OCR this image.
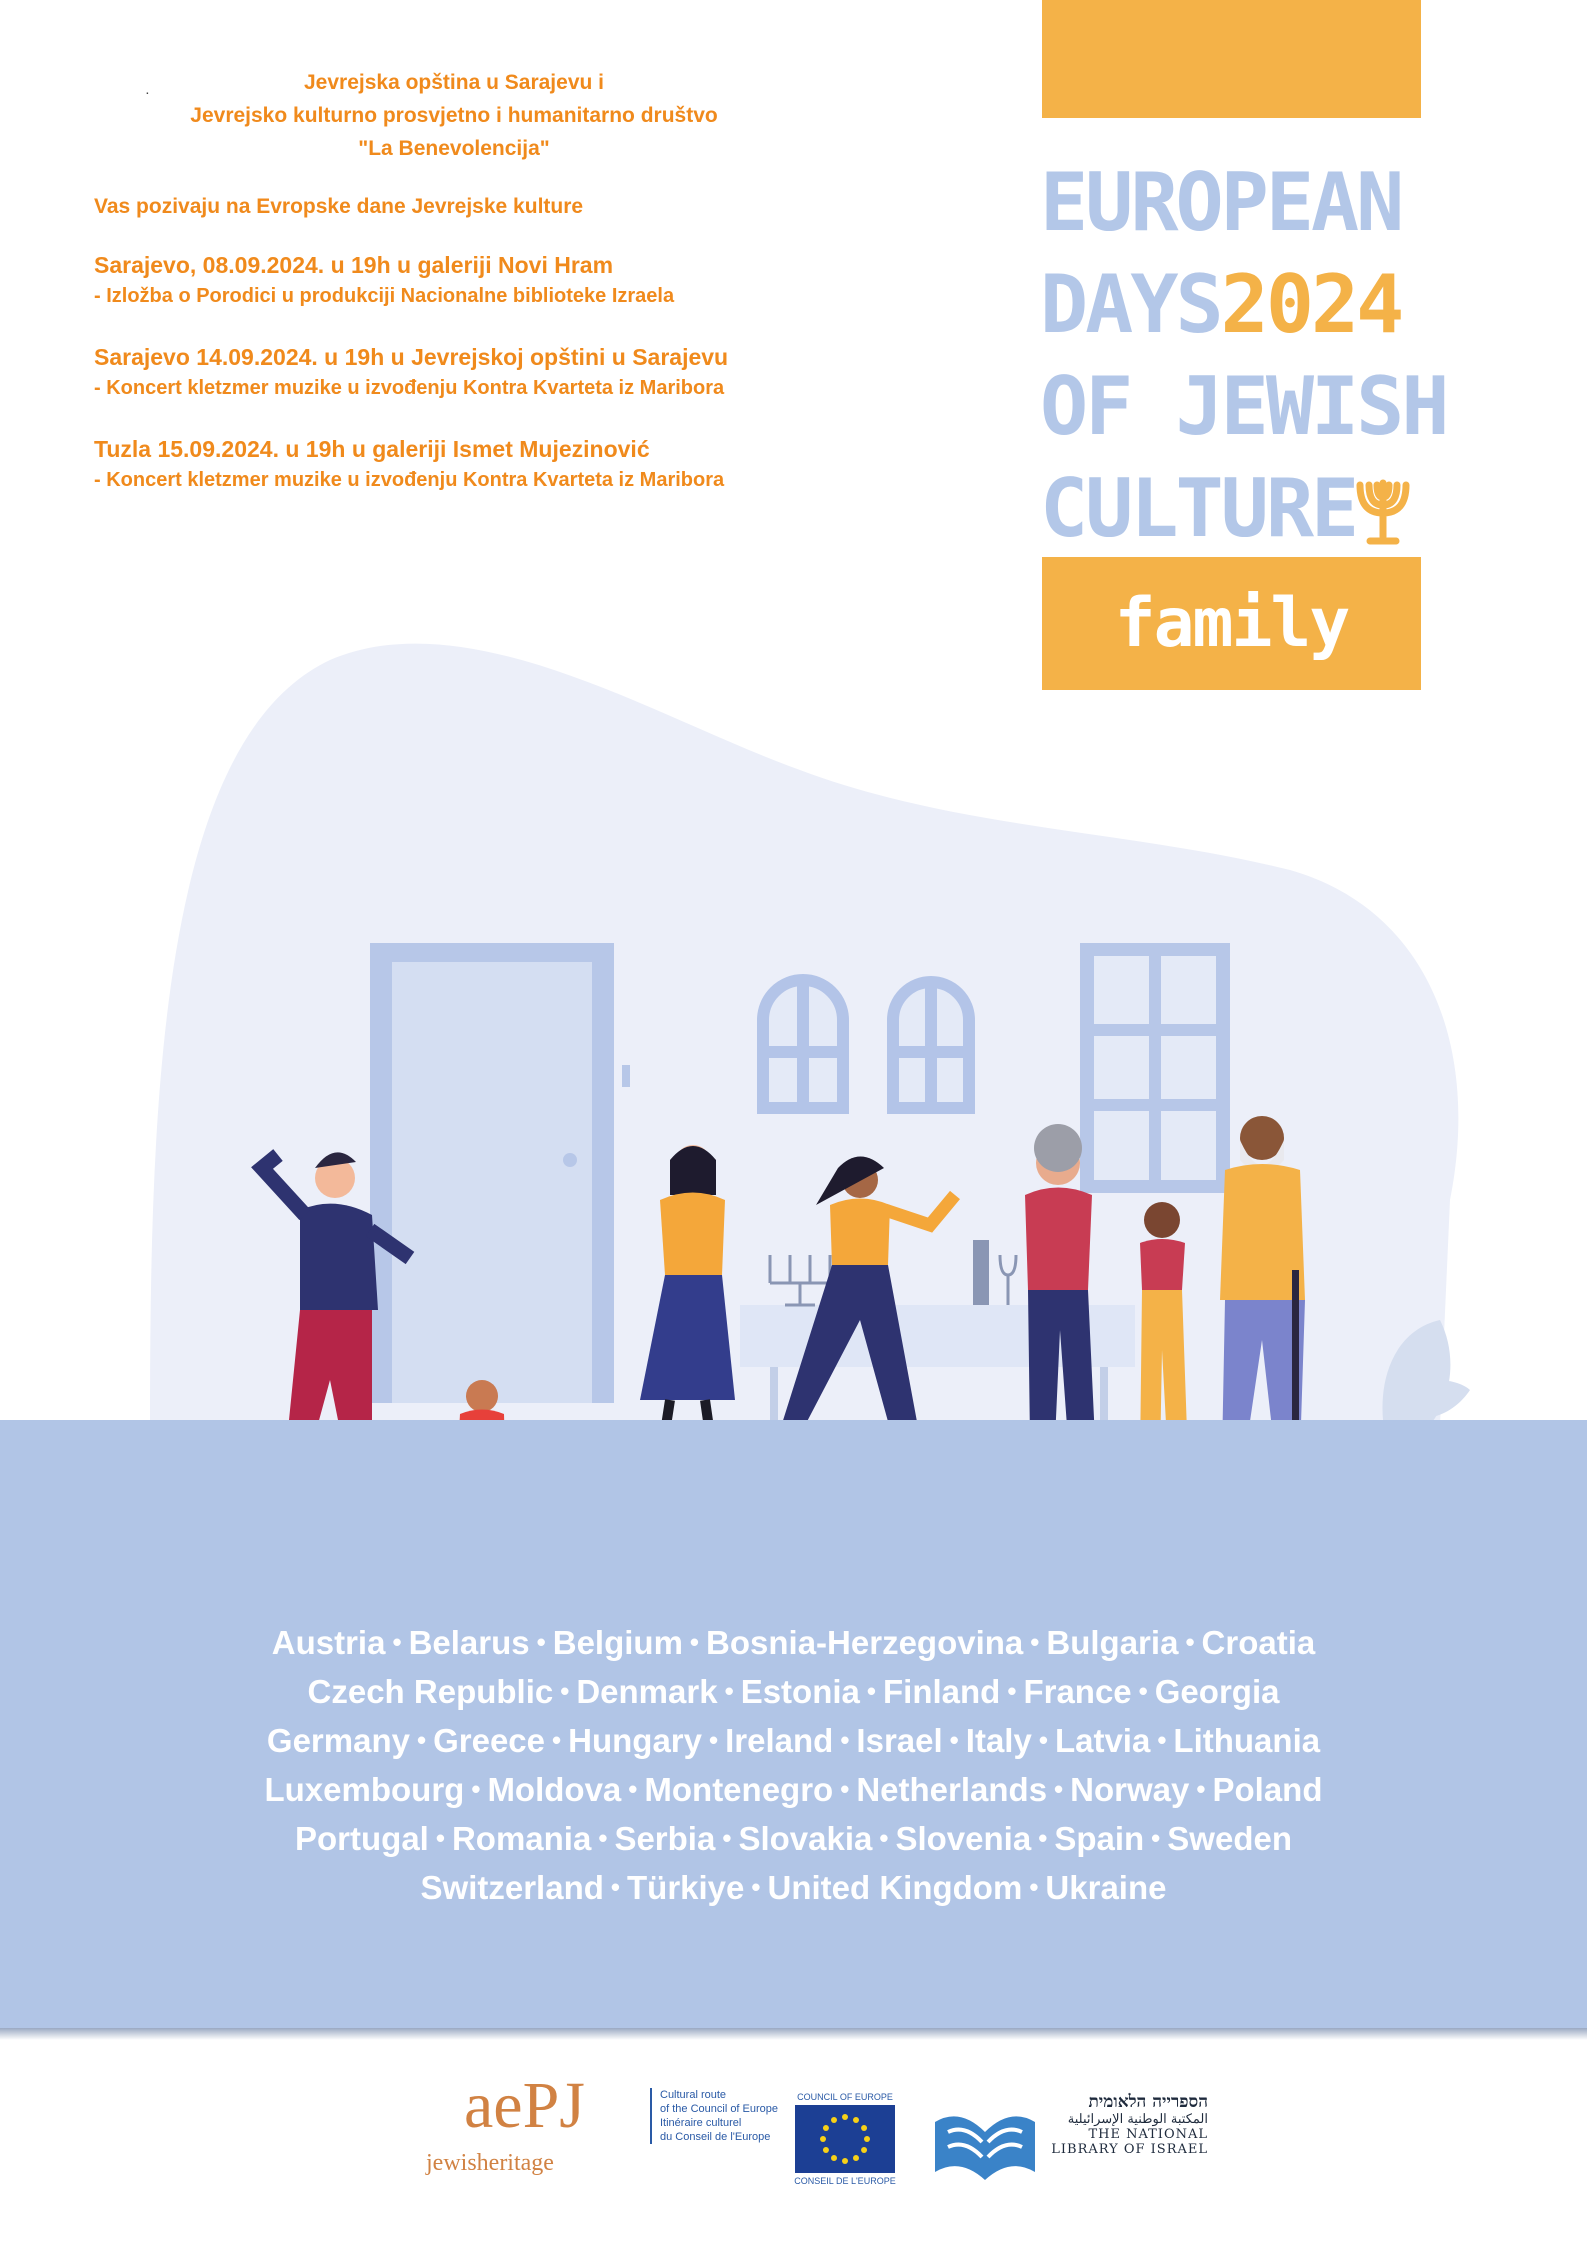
.	Jevrejska opština u Sarajevu i
Jevrejsko kulturno prosvjetno i humanitarno društvo
"La Benevolencija"
Vas pozivaju na Evropske dane Jevrejske kulture
Sarajevo, 08.09.2024. u 19h u galeriji Novi Hram
- Izložba o Porodici u produkciji Nacionalne biblioteke Izraela
Sarajevo 14.09.2024. u 19h u Jevrejskoj opštini u Sarajevu
- Koncert kletzmer muzike u izvođenju Kontra Kvarteta iz Maribora
Tuzla 15.09.2024. u 19h u galeriji Ismet Mujezinović
- Koncert kletzmer muzike u izvođenju Kontra Kvarteta iz Maribora
EUROPEAN
DAYS2024
OF JEWISH
CULTURE
family
Austria • Belarus • Belgium • Bosnia-Herzegovina • Bulgaria • Croatia
Czech Republic • Denmark • Estonia • Finland • France • Georgia
Germany • Greece • Hungary • Ireland • Israel • Italy • Latvia • Lithuania
Luxembourg • Moldova • Montenegro • Netherlands • Norway • Poland
Portugal • Romania • Serbia • Slovakia • Slovenia • Spain • Sweden
Switzerland • Türkiye • United Kingdom • Ukraine
aePJ
jewisheritage
Cultural route
of the Council of Europe
Itinéraire culturel
du Conseil de l'Europe
COUNCIL OF EUROPE
CONSEIL DE L'EUROPE
הספרייה הלאומית
المكتبة الوطنية الإسرائيلية
THE NATIONAL
LIBRARY OF ISRAEL
